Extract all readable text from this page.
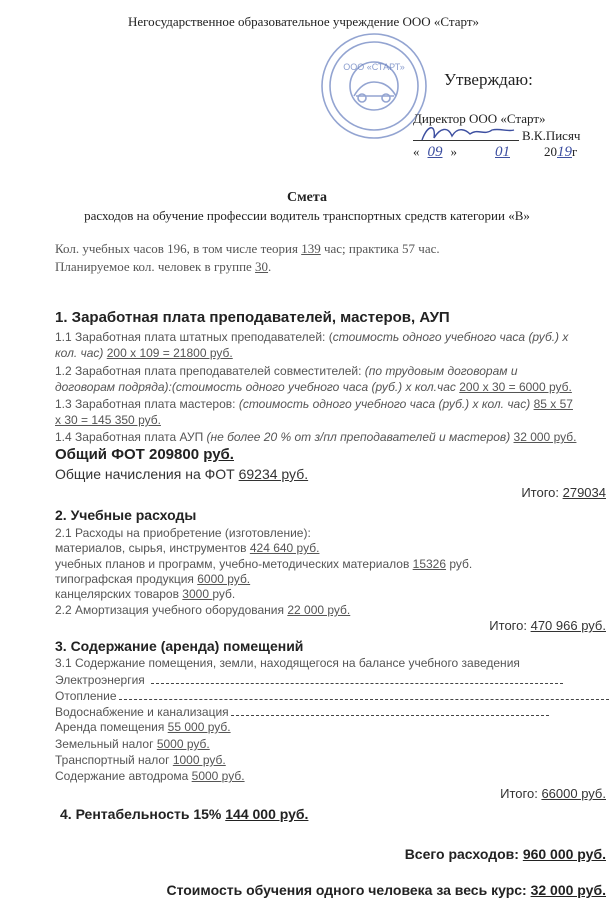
Негосударственное образовательное учреждение ООО «Старт»
ООО «СТАРТ»
Утверждаю:
Директор ООО «Старт»
В.К.Писяч
« 09 »	01	2019г
Смета
расходов на обучение профессии водитель транспортных средств категории «В»
Кол. учебных часов 196, в том числе теория 139 час; практика 57 час.
Планируемое кол. человек в группе 30.
1. Заработная плата преподавателей, мастеров, АУП
1.1 Заработная плата штатных преподавателей: (стоимость одного учебного часа (руб.) х
кол. час) 200 х 109 = 21800 руб.
1.2 Заработная плата преподавателей совместителей: (по трудовым договорам и
договорам подряда):(стоимость одного учебного часа (руб.) х кол.час 200 х 30 = 6000 руб.
1.3 Заработная плата мастеров: (стоимость одного учебного часа (руб.) х кол. час) 85 х 57
х 30 = 145 350 руб.
1.4 Заработная плата АУП (не более 20 % от з/пл преподавателей и мастеров) 32 000 руб.
Общий ФОТ 209800 руб.
Общие начисления на ФОТ 69234 руб.
Итого: 279034
2. Учебные расходы
2.1 Расходы на приобретение (изготовление):
материалов, сырья, инструментов 424 640 руб.
учебных планов и программ, учебно-методических материалов 15326 руб.
типографская продукция 6000 руб.
канцелярских товаров 3000 руб.
2.2 Амортизация учебного оборудования 22 000 руб.
Итого: 470 966 руб.
3. Содержание (аренда) помещений
3.1 Содержание помещения, земли, находящегося на балансе учебного заведения
Электроэнергия
Отопление
Водоснабжение и канализация
Аренда помещения 55 000 руб.
Земельный налог 5000 руб.
Транспортный налог 1000 руб.
Содержание автодрома 5000 руб.
Итого: 66000 руб.
4. Рентабельность 15% 144 000 руб.
Всего расходов: 960 000 руб.
Стоимость обучения одного человека за весь курс: 32 000 руб.
